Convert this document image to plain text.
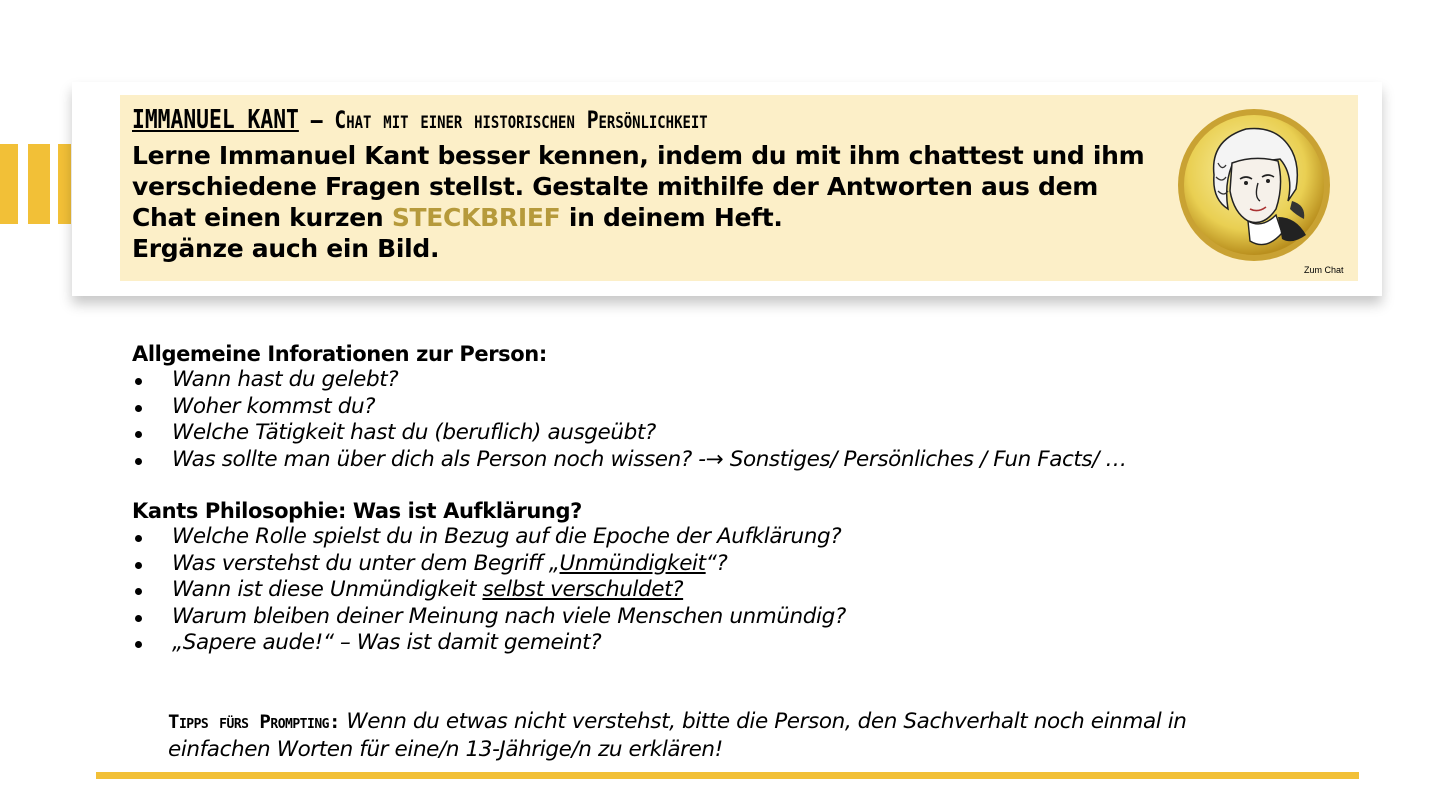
IMMANUEL KANT – Chat mit einer historischen Persönlichkeit
Lerne Immanuel Kant besser kennen, indem du mit ihm chattest und ihm verschiedene Fragen stellst. Gestalte mithilfe der Antworten aus dem Chat einen kurzen STECKBRIEF in deinem Heft.
Ergänze auch ein Bild.
Zum Chat
Allgemeine Inforationen zur Person:
Wann hast du gelebt?
Woher kommst du?
Welche Tätigkeit hast du (beruflich) ausgeübt?
Was sollte man über dich als Person noch wissen? -→ Sonstiges/ Persönliches / Fun Facts/ …
Kants Philosophie: Was ist Aufklärung?
Welche Rolle spielst du in Bezug auf die Epoche der Aufklärung?
Was verstehst du unter dem Begriff „Unmündigkeit“?
Wann ist diese Unmündigkeit selbst verschuldet?
Warum bleiben deiner Meinung nach viele Menschen unmündig?
„Sapere aude!“ – Was ist damit gemeint?
Tipps fürs Prompting: Wenn du etwas nicht verstehst, bitte die Person, den Sachverhalt noch einmal in einfachen Worten für eine/n 13-Jährige/n zu erklären!
